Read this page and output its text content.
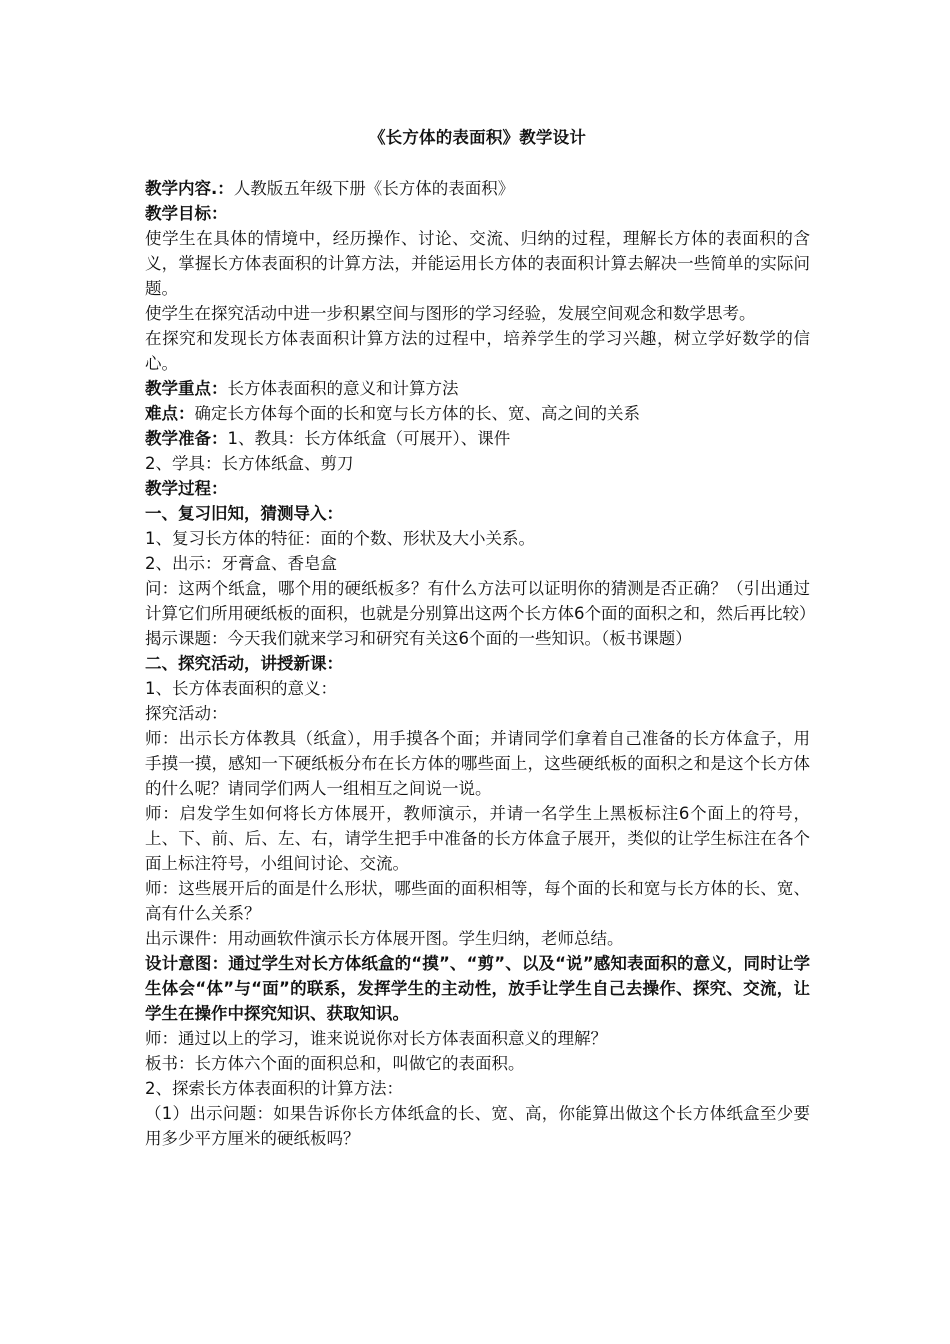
《长方体的表面积》教学设计

教学内容.：人教版五年级下册《长方体的表面积》

教学目标：

使学生在具体的情境中，经历操作、讨论、交流、归纳的过程，理解长方体的表面积的含义，掌握长方体表面积的计算方法，并能运用长方体的表面积计算去解决一些简单的实际问题。

使学生在探究活动中进一步积累空间与图形的学习经验，发展空间观念和数学思考。

在探究和发现长方体表面积计算方法的过程中，培养学生的学习兴趣，树立学好数学的信心。

教学重点：长方体表面积的意义和计算方法

难点：确定长方体每个面的长和宽与长方体的长、宽、高之间的关系

教学准备：1、教具：长方体纸盒（可展开）、课件

2、学具：长方体纸盒、剪刀

教学过程：

一、复习旧知，猜测导入：

1、复习长方体的特征：面的个数、形状及大小关系。

2、出示：牙膏盒、香皂盒

问：这两个纸盒，哪个用的硬纸板多？有什么方法可以证明你的猜测是否正确？（引出通过计算它们所用硬纸板的面积，也就是分别算出这两个长方体6个面的面积之和，然后再比较）

揭示课题：今天我们就来学习和研究有关这6个面的一些知识。（板书课题）

二、探究活动，讲授新课：

1、长方体表面积的意义：

探究活动：

师：出示长方体教具（纸盒），用手摸各个面；并请同学们拿着自己准备的长方体盒子，用手摸一摸，感知一下硬纸板分布在长方体的哪些面上，这些硬纸板的面积之和是这个长方体的什么呢？请同学们两人一组相互之间说一说。

师：启发学生如何将长方体展开，教师演示，并请一名学生上黑板标注6个面上的符号，上、下、前、后、左、右，请学生把手中准备的长方体盒子展开，类似的让学生标注在各个面上标注符号，小组间讨论、交流。

师：这些展开后的面是什么形状，哪些面的面积相等，每个面的长和宽与长方体的长、宽、高有什么关系？

出示课件：用动画软件演示长方体展开图。学生归纳，老师总结。

设计意图：通过学生对长方体纸盒的“摸”、“剪”、以及“说”感知表面积的意义，同时让学生体会“体”与“面”的联系，发挥学生的主动性，放手让学生自己去操作、探究、交流，让学生在操作中探究知识、获取知识。

师：通过以上的学习，谁来说说你对长方体表面积意义的理解？

板书：长方体六个面的面积总和，叫做它的表面积。

2、探索长方体表面积的计算方法：

（1）出示问题：如果告诉你长方体纸盒的长、宽、高，你能算出做这个长方体纸盒至少要用多少平方厘米的硬纸板吗？
